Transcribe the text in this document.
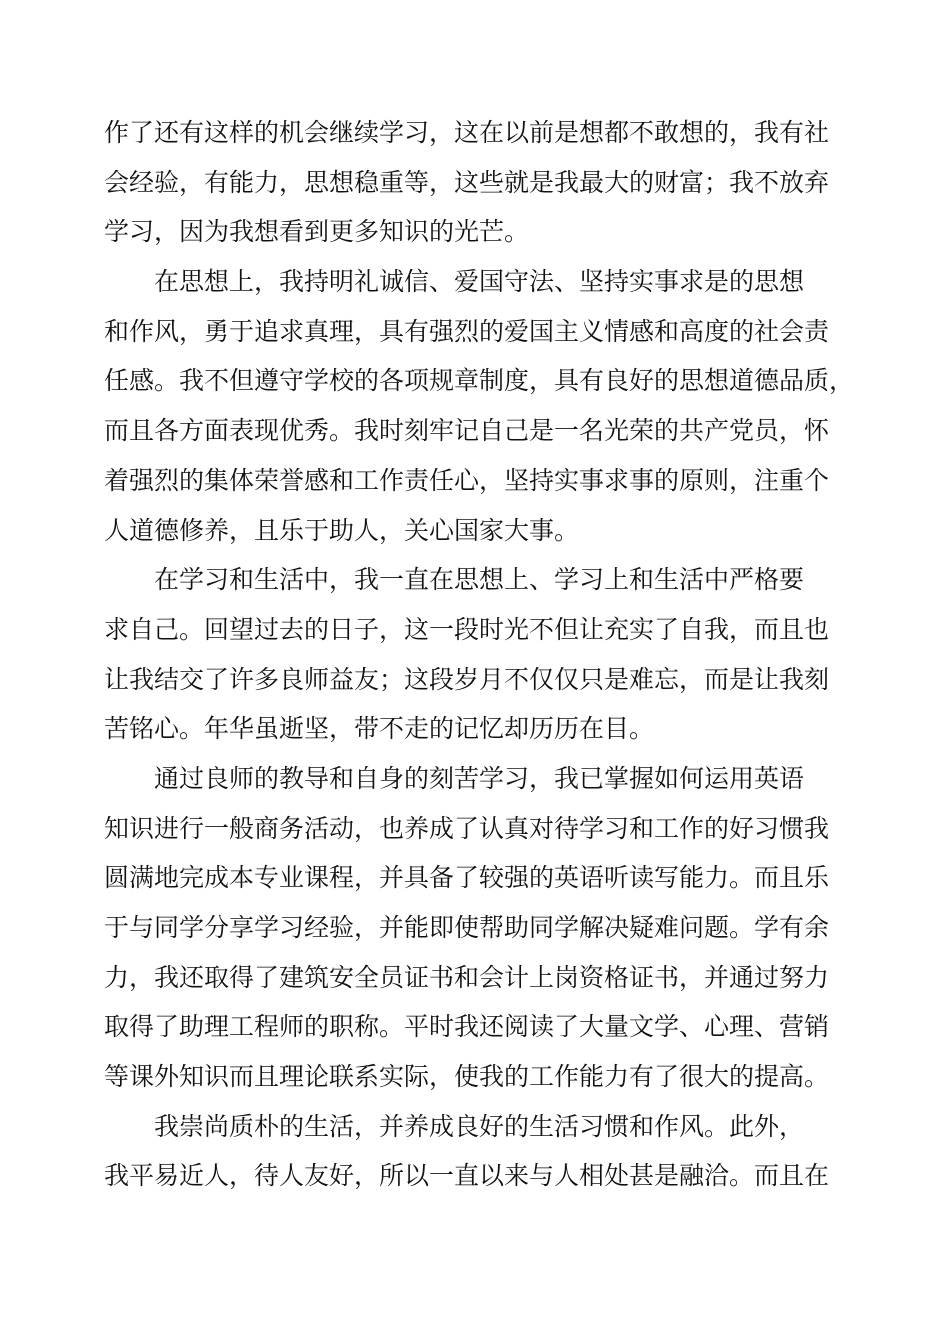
作了还有这样的机会继续学习，这在以前是想都不敢想的，我有社
会经验，有能力，思想稳重等，这些就是我最大的财富；我不放弃
学习，因为我想看到更多知识的光芒。
在思想上，我持明礼诚信、爱国守法、坚持实事求是的思想
和作风，勇于追求真理，具有强烈的爱国主义情感和高度的社会责
任感。我不但遵守学校的各项规章制度，具有良好的思想道德品质，
而且各方面表现优秀。我时刻牢记自己是一名光荣的共产党员，怀
着强烈的集体荣誉感和工作责任心，坚持实事求事的原则，注重个
人道德修养，且乐于助人，关心国家大事。
在学习和生活中，我一直在思想上、学习上和生活中严格要
求自己。回望过去的日子，这一段时光不但让充实了自我，而且也
让我结交了许多良师益友；这段岁月不仅仅只是难忘，而是让我刻
苦铭心。年华虽逝坚，带不走的记忆却历历在目。
通过良师的教导和自身的刻苦学习，我已掌握如何运用英语
知识进行一般商务活动，也养成了认真对待学习和工作的好习惯我
圆满地完成本专业课程，并具备了较强的英语听读写能力。而且乐
于与同学分享学习经验，并能即使帮助同学解决疑难问题。学有余
力，我还取得了建筑安全员证书和会计上岗资格证书，并通过努力
取得了助理工程师的职称。平时我还阅读了大量文学、心理、营销
等课外知识而且理论联系实际，使我的工作能力有了很大的提高。
我崇尚质朴的生活，并养成良好的生活习惯和作风。此外，
我平易近人，待人友好，所以一直以来与人相处甚是融洽。而且在
